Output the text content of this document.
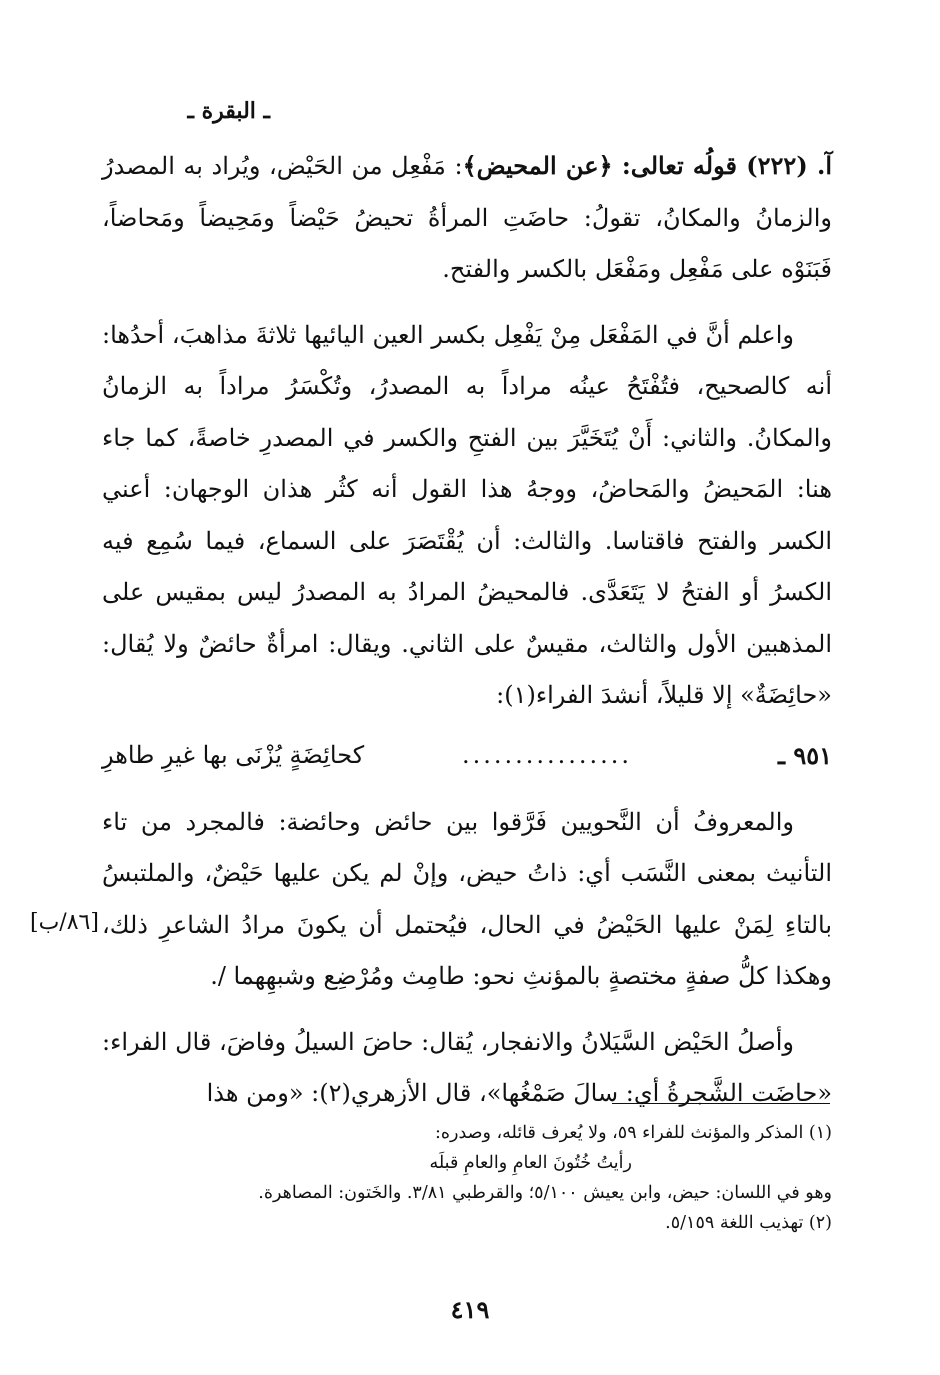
ـ البقرة ـ

آ. (٢٢٢) قولُه تعالى: ﴿عن المحيض﴾: مَفْعِل من الحَيْض، ويُراد به المصدرُ والزمانُ والمكانُ، تقولُ: حاضَتِ المرأةُ تحيضُ حَيْضاً ومَحِيضاً ومَحاضاً، فَبَنَوْه على مَفْعِل ومَفْعَل بالكسر والفتح.

واعلم أنَّ في المَفْعَل مِنْ يَفْعِل بكسر العين اليائيها ثلاثةَ مذاهبَ، أحدُها: أنه كالصحيح، فتُفْتَحُ عينُه مراداً به المصدرُ، وتُكْسَرُ مراداً به الزمانُ والمكانُ. والثاني: أَنْ يُتَخَيَّرَ بين الفتحِ والكسر في المصدرِ خاصةً، كما جاء هنا: المَحيضُ والمَحاضُ، ووجهُ هذا القول أنه كثُر هذان الوجهان: أعني الكسر والفتح فاقتاسا. والثالث: أن يُقْتَصَرَ على السماع، فيما سُمِع فيه الكسرُ أو الفتحُ لا يَتَعَدَّى. فالمحيضُ المرادُ به المصدرُ ليس بمقيس على المذهبين الأول والثالث، مقيسٌ على الثاني. ويقال: امرأةٌ حائضٌ ولا يُقال: «حائِضَةٌ» إلا قليلاً، أنشدَ الفراء(١):

٩٥١ ـ
................
كحائِضَةٍ يُزْنَى بها غيرِ طاهرِ

والمعروفُ أن النَّحويين فَرَّقوا بين حائض وحائضة: فالمجرد من تاء التأنيث بمعنى النَّسَب أي: ذاتُ حيض، وإنْ لم يكن عليها حَيْضٌ، والملتبسُ بالتاءِ لِمَنْ عليها الحَيْضُ في الحال، فيُحتمل أن يكونَ مرادُ الشاعرِ ذلك، وهكذا كلُّ صفةٍ مختصةٍ بالمؤنثِ نحو: طامِث ومُرْضِع وشبهِهما /.

وأصلُ الحَيْض السَّيَلانُ والانفجار، يُقال: حاضَ السيلُ وفاضَ، قال الفراء: «حاضَت الشَّجرةُ أي: سالَ صَمْغُها»، قال الأزهري(٢): «ومن هذا

[٨٦/ب]

(١) المذكر والمؤنث للفراء ٥٩، ولا يُعرف قائله، وصدره:

رأيتُ خُتُونَ العامِ والعامِ قبلَه

وهو في اللسان: حيض، وابن يعيش ٥/١٠٠؛ والقرطبي ٣/٨١. والخَتون: المصاهرة.

(٢) تهذيب اللغة ٥/١٥٩.

٤١٩
